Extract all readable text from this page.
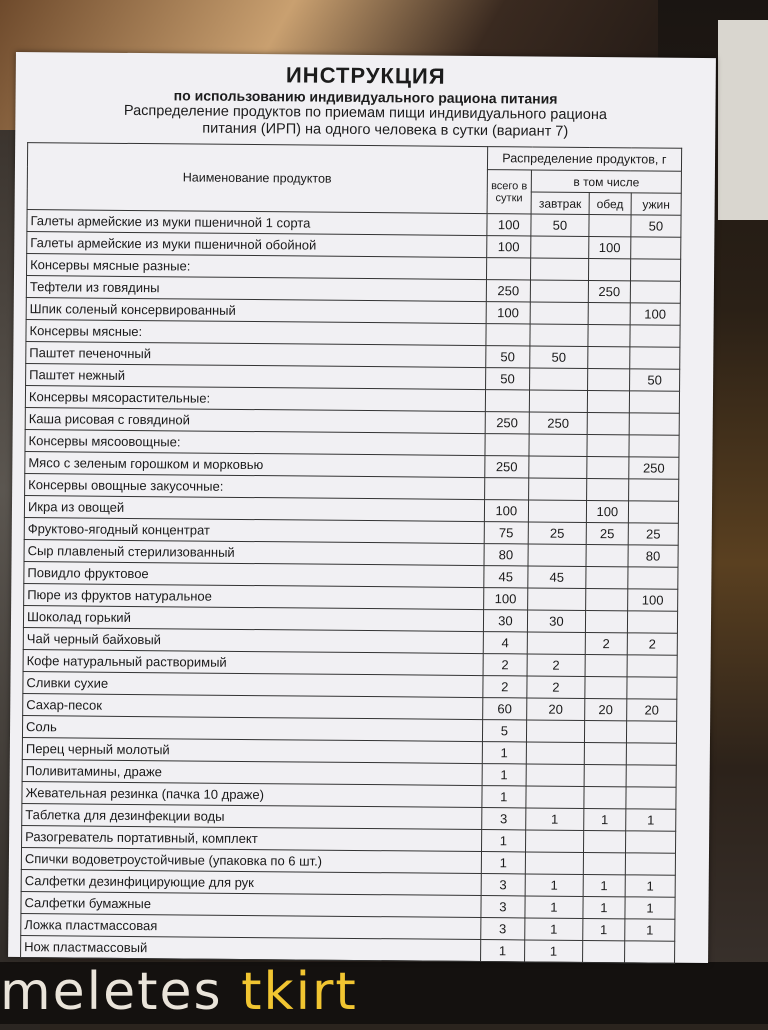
meletes tkirt
ИНСТРУКЦИЯ
по использованию индивидуального рациона питания
Распределение продуктов по приемам пищи индивидуального рациона
питания (ИРП) на одного человека в сутки (вариант 7)
Наименование продуктов	Распределение продуктов, г			
	всего в сутки	в том числе		
		завтрак	обед	ужин
Галеты армейские из муки пшеничной 1 сорта	100	50		50
Галеты армейские из муки пшеничной обойной	100		100	
Консервы мясные разные:				
Тефтели из говядины	250		250	
Шпик соленый консервированный	100			100
Консервы мясные:				
Паштет печеночный	50	50		
Паштет нежный	50			50
Консервы мясорастительные:				
Каша рисовая с говядиной	250	250		
Консервы мясоовощные:				
Мясо с зеленым горошком и морковью	250			250
Консервы овощные закусочные:				
Икра из овощей	100		100	
Фруктово-ягодный концентрат	75	25	25	25
Сыр плавленый стерилизованный	80			80
Повидло фруктовое	45	45		
Пюре из фруктов натуральное	100			100
Шоколад горький	30	30		
Чай черный байховый	4		2	2
Кофе натуральный растворимый	2	2		
Сливки сухие	2	2		
Сахар-песок	60	20	20	20
Соль	5			
Перец черный молотый	1			
Поливитамины, драже	1			
Жевательная резинка (пачка 10 драже)	1			
Таблетка для дезинфекции воды	3	1	1	1
Разогреватель портативный, комплект	1			
Спички водоветроустойчивые (упаковка по 6 шт.)	1			
Салфетки дезинфицирующие для рук	3	1	1	1
Салфетки бумажные	3	1	1	1
Ложка пластмассовая	3	1	1	1
Нож пластмассовый	1	1		
